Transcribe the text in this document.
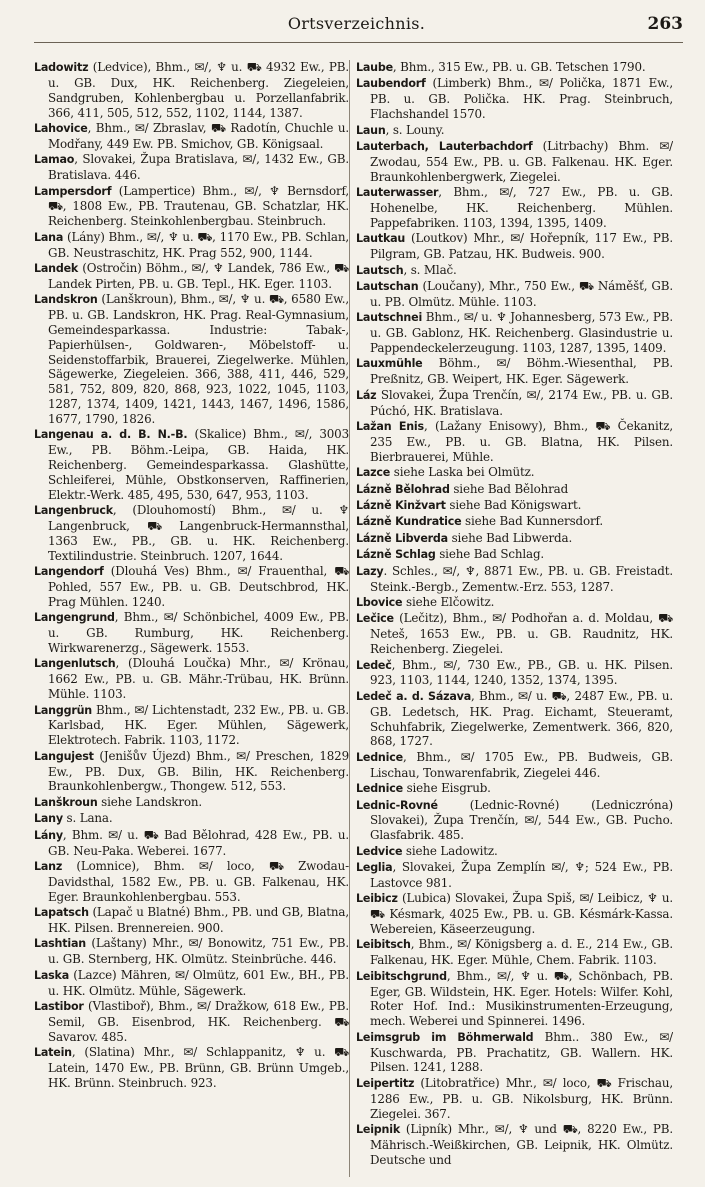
Ortsverzeichnis.	263

Ladowitz (Ledvice), Bhm., ✉/, ♆ u. ⛟ 4932 Ew., PB. u. GB. Dux, HK. Reichenberg. Ziegeleien, Sandgruben, Kohlenbergbau u. Porzellanfabrik. 366, 411, 505, 512, 552, 1102, 1144, 1387.

Lahovice, Bhm., ✉/ Zbraslav, ⛟ Radotín, Chuchle u. Modřany, 449 Ew. PB. Smichov, GB. Königsaal.

Lamao, Slovakei, Župa Bratislava, ✉/, 1432 Ew., GB. Bratislava. 446.

Lampersdorf (Lampertice) Bhm., ✉/, ♆ Bernsdorf, ⛟, 1808 Ew., PB. Trautenau, GB. Schatzlar, HK. Reichenberg. Steinkohlenbergbau. Steinbruch.

Lana (Lány) Bhm., ✉/, ♆ u. ⛟, 1170 Ew., PB. Schlan, GB. Neustraschitz, HK. Prag 552, 900, 1144.

Landek (Ostročin) Böhm., ✉/, ♆ Landek, 786 Ew., ⛟ Landek Pirten, PB. u. GB. Tepl., HK. Eger. 1103.

Landskron (Lanškroun), Bhm., ✉/, ♆ u. ⛟, 6580 Ew., PB. u. GB. Landskron, HK. Prag. Real-Gymnasium, Gemeindesparkassa. Industrie: Tabak-, Papierhülsen-, Goldwaren-, Möbelstoff- u. Seidenstoffarbik, Brauerei, Ziegelwerke. Mühlen, Sägewerke, Ziegeleien. 366, 388, 411, 446, 529, 581, 752, 809, 820, 868, 923, 1022, 1045, 1103, 1287, 1374, 1409, 1421, 1443, 1467, 1496, 1586, 1677, 1790, 1826.

Langenau a. d. B. N.-B. (Skalice) Bhm., ✉/, 3003 Ew., PB. Böhm.-Leipa, GB. Haida, HK. Reichenberg. Gemeindesparkassa. Glashütte, Schleiferei, Mühle, Obstkonserven, Raffinerien, Elektr.-Werk. 485, 495, 530, 647, 953, 1103.

Langenbruck, (Dlouhomostí) Bhm., ✉/ u. ♆ Langenbruck, ⛟ Langenbruck-Hermannsthal, 1363 Ew., PB., GB. u. HK. Reichenberg. Textilindustrie. Steinbruch. 1207, 1644.

Langendorf (Dlouhá Ves) Bhm., ✉/ Frauenthal, ⛟ Pohled, 557 Ew., PB. u. GB. Deutschbrod, HK. Prag Mühlen. 1240.

Langengrund, Bhm., ✉/ Schönbichel, 4009 Ew., PB. u. GB. Rumburg, HK. Reichenberg. Wirkwarenerzg., Sägewerk. 1553.

Langenlutsch, (Dlouhá Loučka) Mhr., ✉/ Krönau, 1662 Ew., PB. u. GB. Mähr.-Trübau, HK. Brünn. Mühle. 1103.

Langgrün Bhm., ✉/ Lichtenstadt, 232 Ew., PB. u. GB. Karlsbad, HK. Eger. Mühlen, Sägewerk, Elektrotech. Fabrik. 1103, 1172.

Langujest (Jenišův Újezd) Bhm., ✉/ Preschen, 1829 Ew., PB. Dux, GB. Bilin, HK. Reichenberg. Braunkohlenbergw., Thongew. 512, 553.

Lanškroun siehe Landskron.

Lany s. Lana.

Lány, Bhm. ✉/ u. ⛟ Bad Bělohrad, 428 Ew., PB. u. GB. Neu-Paka. Weberei. 1677.

Lanz (Lomnice), Bhm. ✉/ loco, ⛟ Zwodau-Davidsthal, 1582 Ew., PB. u. GB. Falkenau, HK. Eger. Braunkohlenbergbau. 553.

Lapatsch (Lapač u Blatné) Bhm., PB. und GB, Blatna, HK. Pilsen. Brennereien. 900.

Lashtian (Laštany) Mhr., ✉/ Bonowitz, 751 Ew., PB. u. GB. Sternberg, HK. Olmütz. Steinbrüche. 446.

Laska (Lazce) Mähren, ✉/ Olmütz, 601 Ew., BH., PB. u. HK. Olmütz. Mühle, Sägewerk.

Lastibor (Vlastiboř), Bhm., ✉/ Dražkow, 618 Ew., PB. Semil, GB. Eisenbrod, HK. Reichenberg. ⛟ Savarov. 485.

Latein, (Slatina) Mhr., ✉/ Schlappanitz, ♆ u. ⛟ Latein, 1470 Ew., PB. Brünn, GB. Brünn Umgeb., HK. Brünn. Steinbruch. 923.

Laube, Bhm., 315 Ew., PB. u. GB. Tetschen 1790.

Laubendorf (Limberk) Bhm., ✉/ Polička, 1871 Ew., PB. u. GB. Polička. HK. Prag. Steinbruch, Flachshandel 1570.

Laun, s. Louny.

Lauterbach, Lauterbachdorf (Litrbachy) Bhm. ✉/ Zwodau, 554 Ew., PB. u. GB. Falkenau. HK. Eger. Braunkohlenbergwerk, Ziegelei.

Lauterwasser, Bhm., ✉/, 727 Ew., PB. u. GB. Hohenelbe, HK. Reichenberg. Mühlen. Pappefabriken. 1103, 1394, 1395, 1409.

Lautkau (Loutkov) Mhr., ✉/ Hořepník, 117 Ew., PB. Pilgram, GB. Patzau, HK. Budweis. 900.

Lautsch, s. Mlač.

Lautschan (Loučany), Mhr., 750 Ew., ⛟ Náměšť, GB. u. PB. Olmütz. Mühle. 1103.

Lautschnei Bhm., ✉/ u. ♆ Johannesberg, 573 Ew., PB. u. GB. Gablonz, HK. Reichenberg. Glasindustrie u. Pappendeckelerzeugung. 1103, 1287, 1395, 1409.

Lauxmühle Böhm., ✉/ Böhm.-Wiesenthal, PB. Preßnitz, GB. Weipert, HK. Eger. Sägewerk.

Láz Slovakei, Župa Trenčín, ✉/, 2174 Ew., PB. u. GB. Púchó, HK. Bratislava.

Lažan Enis, (Lažany Enisowy), Bhm., ⛟ Čekanitz, 235 Ew., PB. u. GB. Blatna, HK. Pilsen. Bierbrauerei, Mühle.

Lazce siehe Laska bei Olmütz.

Lázně Bělohrad siehe Bad Bělohrad

Lázně Kinžvart siehe Bad Königswart.

Lázně Kundratice siehe Bad Kunnersdorf.

Lázně Libverda siehe Bad Libwerda.

Lázně Schlag siehe Bad Schlag.

Lazy. Schles., ✉/, ♆, 8871 Ew., PB. u. GB. Freistadt. Steink.-Bergb., Zementw.-Erz. 553, 1287.

Lbovice siehe Elčowitz.

Lečice (Lečitz), Bhm., ✉/ Podhořan a. d. Moldau, ⛟ Neteš, 1653 Ew., PB. u. GB. Raudnitz, HK. Reichenberg. Ziegelei.

Ledeč, Bhm., ✉/, 730 Ew., PB., GB. u. HK. Pilsen. 923, 1103, 1144, 1240, 1352, 1374, 1395.

Ledeč a. d. Sázava, Bhm., ✉/ u. ⛟, 2487 Ew., PB. u. GB. Ledetsch, HK. Prag. Eichamt, Steueramt, Schuhfabrik, Ziegelwerke, Zementwerk. 366, 820, 868, 1727.

Lednice, Bhm., ✉/ 1705 Ew., PB. Budweis, GB. Lischau, Tonwarenfabrik, Ziegelei 446.

Lednice siehe Eisgrub.

Lednic-Rovné (Lednic-Rovné) (Ledniczróna) Slovakei), Župa Trenčín, ✉/, 544 Ew., GB. Pucho. Glasfabrik. 485.

Ledvice siehe Ladowitz.

Leglia, Slovakei, Župa Zemplín ✉/, ♆; 524 Ew., PB. Lastovce 981.

Leibicz (Lubica) Slovakei, Župa Spiš, ✉/ Leibicz, ♆ u. ⛟ Késmark, 4025 Ew., PB. u. GB. Késmárk-Kassa. Webereien, Käseerzeugung.

Leibitsch, Bhm., ✉/ Königsberg a. d. E., 214 Ew., GB. Falkenau, HK. Eger. Mühle, Chem. Fabrik. 1103.

Leibitschgrund, Bhm., ✉/, ♆ u. ⛟, Schönbach, PB. Eger, GB. Wildstein, HK. Eger. Hotels: Wilfer. Kohl, Roter Hof. Ind.: Musikinstrumenten-Erzeugung, mech. Weberei und Spinnerei. 1496.

Leimsgrub im Böhmerwald Bhm.. 380 Ew., ✉/ Kuschwarda, PB. Prachatitz, GB. Wallern. HK. Pilsen. 1241, 1288.

Leipertitz (Litobratřice) Mhr., ✉/ loco, ⛟ Frischau, 1286 Ew., PB. u. GB. Nikolsburg, HK. Brünn. Ziegelei. 367.

Leipnik (Lipník) Mhr., ✉/, ♆ und ⛟, 8220 Ew., PB. Mährisch.-Weißkirchen, GB. Leipnik, HK. Olmütz. Deutsche und
